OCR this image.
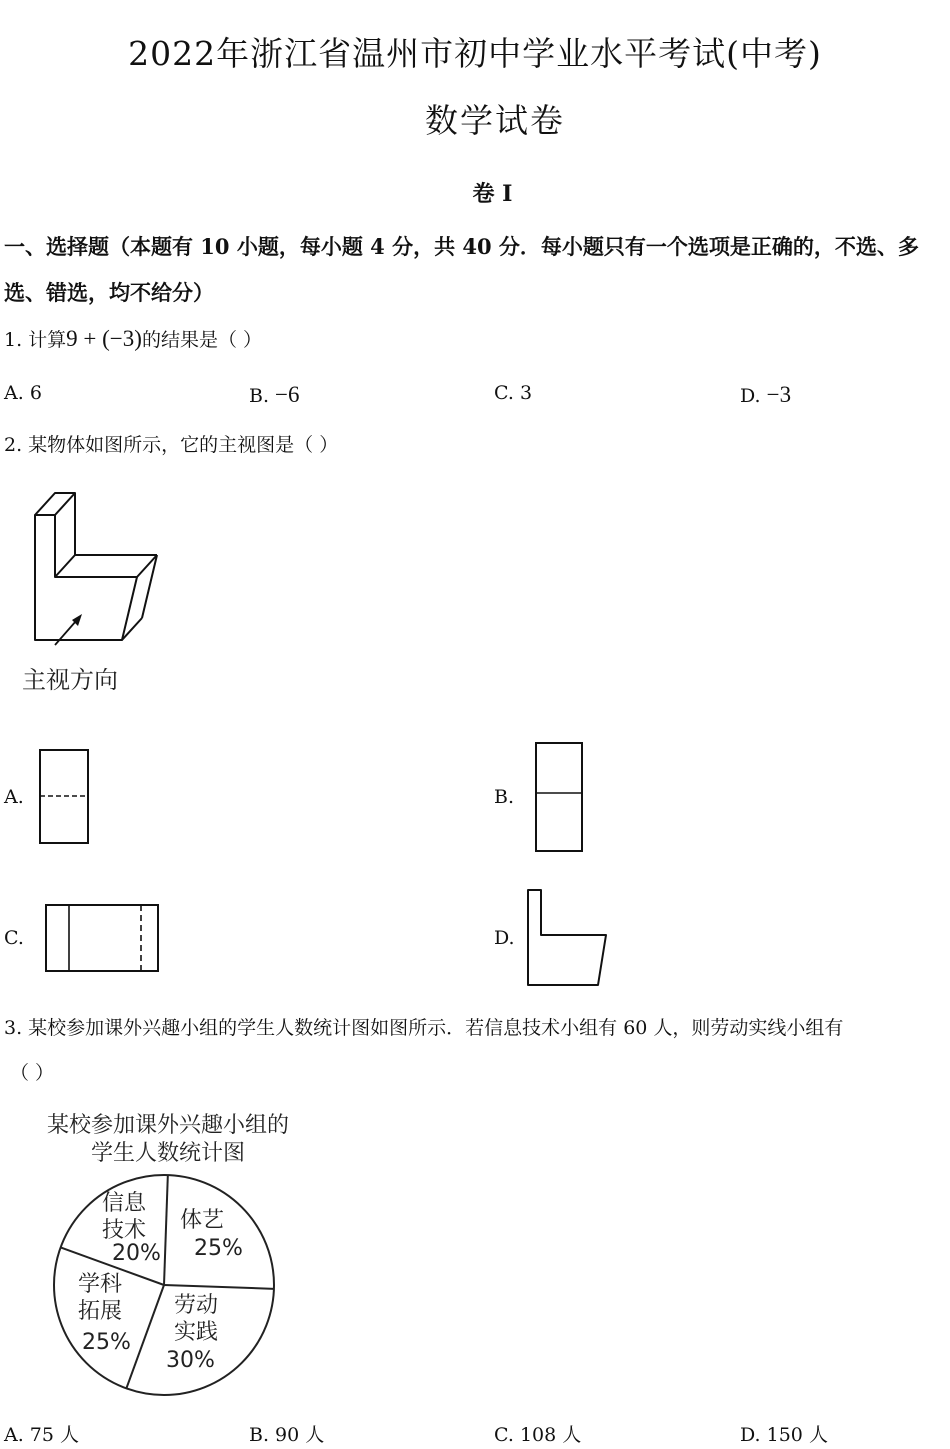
2022年浙江省温州市初中学业水平考试(中考)
数学试卷
卷 I
一、选择题（本题有 10 小题，每小题 4 分，共 40 分．每小题只有一个选项是正确的，不选、多选、错选，均不给分）
1. 计算9 + (−3)的结果是（ ）
A. 6	B. −6	C. 3	D. −3
2. 某物体如图所示，它的主视图是（ ）
主视方向
A.	B.
C.	D.
3. 某校参加课外兴趣小组的学生人数统计图如图所示．若信息技术小组有 60 人，则劳动实线小组有
（ ）
某校参加课外兴趣小组的
学生人数统计图
体艺
25%
劳动
实践
30%
学科
拓展
25%
信息
技术
20%
A. 75 人	B. 90 人	C. 108 人	D. 150 人
